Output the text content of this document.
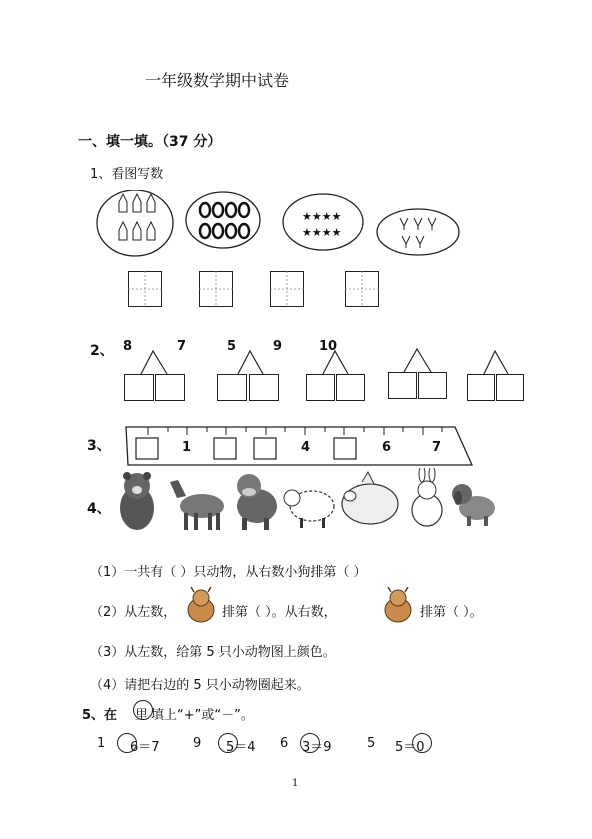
一年级数学期中试卷
一、填一填。（37 分）
1、看图写数
★★★★
★★★★
2、 8	7	5	9	10
3、	1	4	6	7
4、
（1）一共有（ ）只动物，从右数小狗排第（ ）
（2）从左数，	排第（ ）。从右数，	排第（ ）。
（3）从左数，给第 5 只小动物图上颜色。
（4）请把右边的 5 只小动物圈起来。
5、在 里 填上“+”或“－”。
1 6＝7	9 5＝4 6 3＝9	5 5＝0
1
